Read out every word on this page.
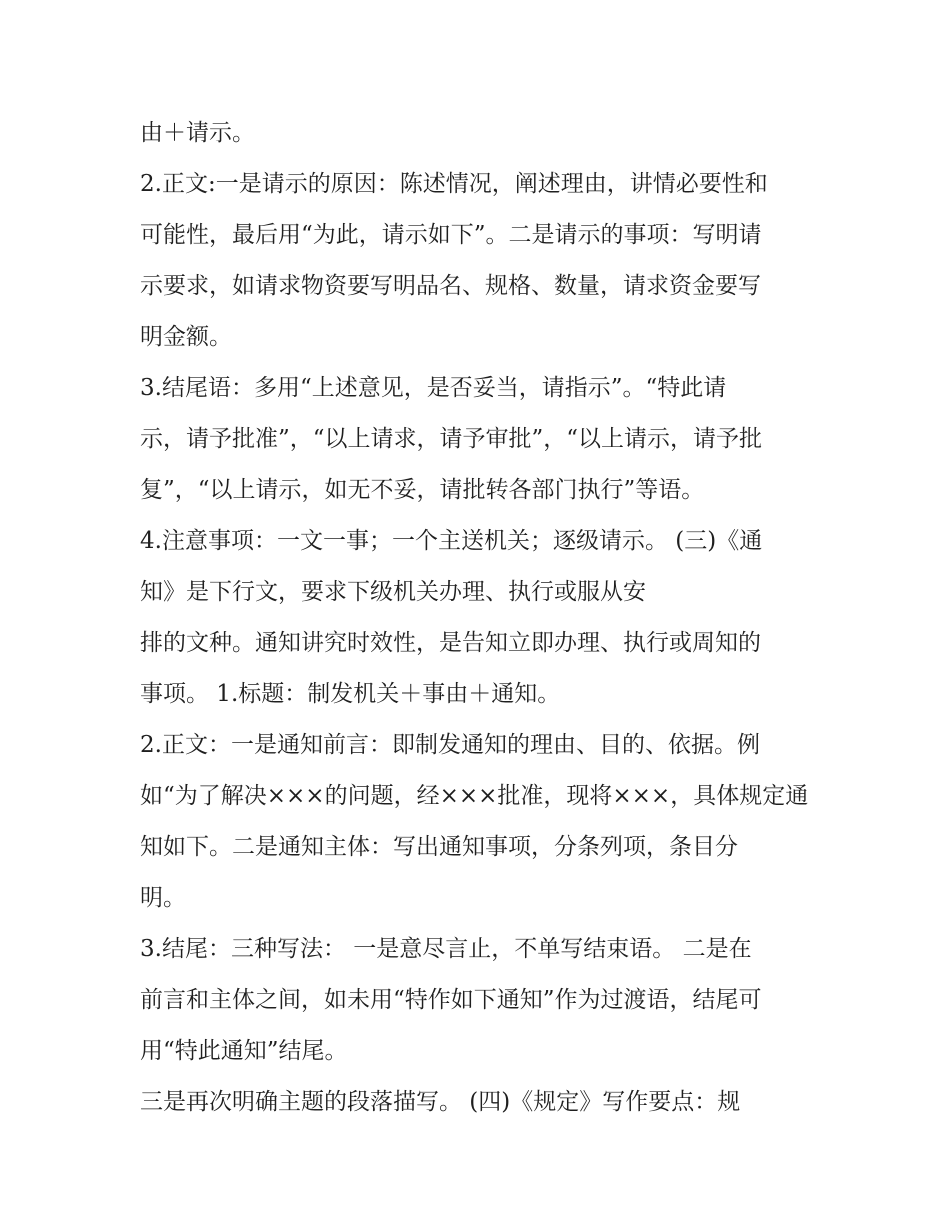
由＋请示。
2.正文:一是请示的原因：陈述情况，阐述理由，讲情必要性和
可能性，最后用“为此，请示如下”。二是请示的事项：写明请
示要求，如请求物资要写明品名、规格、数量，请求资金要写
明金额。
3.结尾语：多用“上述意见，是否妥当，请指示”。“特此请
示，请予批准”，“以上请求，请予审批”，“以上请示，请予批
复”，“以上请示，如无不妥，请批转各部门执行”等语。
4.注意事项：一文一事；一个主送机关；逐级请示。 (三)《通
知》是下行文，要求下级机关办理、执行或服从安
排的文种。通知讲究时效性，是告知立即办理、执行或周知的
事项。 1.标题：制发机关＋事由＋通知。
2.正文：一是通知前言：即制发通知的理由、目的、依据。例
如“为了解决×××的问题，经×××批准，现将×××，具体规定通
知如下。二是通知主体：写出通知事项，分条列项，条目分
明。
3.结尾：三种写法： 一是意尽言止，不单写结束语。 二是在
前言和主体之间，如未用“特作如下通知”作为过渡语，结尾可
用“特此通知”结尾。
三是再次明确主题的段落描写。 (四)《规定》写作要点：规
